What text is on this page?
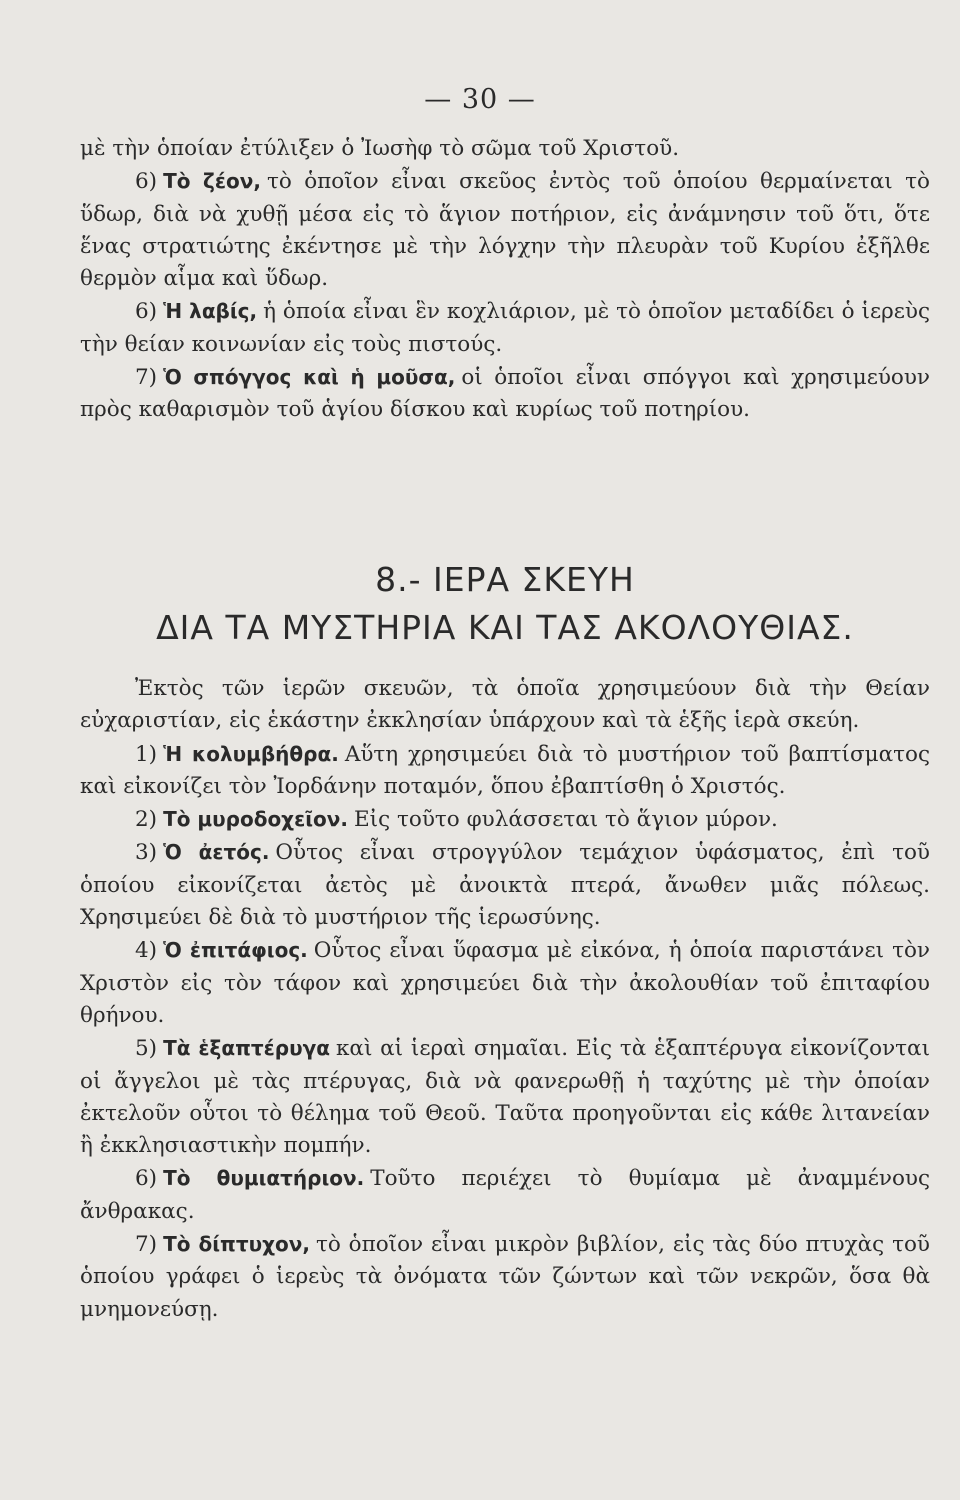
— 30 —

μὲ τὴν ὁποίαν ἐτύλιξεν ὁ Ἰωσὴφ τὸ σῶμα τοῦ Χριστοῦ.

6) Τὸ ζέον, τὸ ὁποῖον εἶναι σκεῦος ἐντὸς τοῦ ὁποίου θερμαίνεται τὸ ὕδωρ, διὰ νὰ χυθῇ μέσα εἰς τὸ ἅγιον ποτήριον, εἰς ἀνάμνησιν τοῦ ὅτι, ὅτε ἕνας στρατιώτης ἐκέντησε μὲ τὴν λόγχην τὴν πλευρὰν τοῦ Κυρίου ἐξῆλθε θερμὸν αἷμα καὶ ὕδωρ.

6) Ἡ λαβίς, ἡ ὁποία εἶναι ἓν κοχλιάριον, μὲ τὸ ὁποῖον μεταδίδει ὁ ἱερεὺς τὴν θείαν κοινωνίαν εἰς τοὺς πιστούς.

7) Ὁ σπόγγος καὶ ἡ μοῦσα, οἱ ὁποῖοι εἶναι σπόγγοι καὶ χρησιμεύουν πρὸς καθαρισμὸν τοῦ ἁγίου δίσκου καὶ κυρίως τοῦ ποτηρίου.

8.- ΙΕΡΑ ΣΚΕΥΗ
ΔΙΑ ΤΑ ΜΥΣΤΗΡΙΑ ΚΑΙ ΤΑΣ ΑΚΟΛΟΥΘΙΑΣ.

Ἐκτὸς τῶν ἱερῶν σκευῶν, τὰ ὁποῖα χρησιμεύουν διὰ τὴν Θείαν εὐχαριστίαν, εἰς ἑκάστην ἐκκλησίαν ὑπάρχουν καὶ τὰ ἑξῆς ἱερὰ σκεύη.

1) Ἡ κολυμβήθρα. Αὕτη χρησιμεύει διὰ τὸ μυστήριον τοῦ βαπτίσματος καὶ εἰκονίζει τὸν Ἰορδάνην ποταμόν, ὅπου ἐβαπτίσθη ὁ Χριστός.

2) Τὸ μυροδοχεῖον. Εἰς τοῦτο φυλάσσεται τὸ ἅγιον μύρον.

3) Ὁ ἀετός. Οὗτος εἶναι στρογγύλον τεμάχιον ὑφάσματος, ἐπὶ τοῦ ὁποίου εἰκονίζεται ἀετὸς μὲ ἀνοικτὰ πτερά, ἄνωθεν μιᾶς πόλεως. Χρησιμεύει δὲ διὰ τὸ μυστήριον τῆς ἱερωσύνης.

4) Ὁ ἐπιτάφιος. Οὗτος εἶναι ὕφασμα μὲ εἰκόνα, ἡ ὁποία παριστάνει τὸν Χριστὸν εἰς τὸν τάφον καὶ χρησιμεύει διὰ τὴν ἀκολουθίαν τοῦ ἐπιταφίου θρήνου.

5) Τὰ ἑξαπτέρυγα καὶ αἱ ἱεραὶ σημαῖαι. Εἰς τὰ ἑξαπτέρυγα εἰκονίζονται οἱ ἄγγελοι μὲ τὰς πτέρυγας, διὰ νὰ φανερωθῇ ἡ ταχύτης μὲ τὴν ὁποίαν ἐκτελοῦν οὗτοι τὸ θέλημα τοῦ Θεοῦ. Ταῦτα προηγοῦνται εἰς κάθε λιτανείαν ἢ ἐκκλησιαστικὴν πομπήν.

6) Τὸ θυμιατήριον. Τοῦτο περιέχει τὸ θυμίαμα μὲ ἀναμμένους ἄνθρακας.

7) Τὸ δίπτυχον, τὸ ὁποῖον εἶναι μικρὸν βιβλίον, εἰς τὰς δύο πτυχὰς τοῦ ὁποίου γράφει ὁ ἱερεὺς τὰ ὀνόματα τῶν ζώντων καὶ τῶν νεκρῶν, ὅσα θὰ μνημονεύσῃ.
